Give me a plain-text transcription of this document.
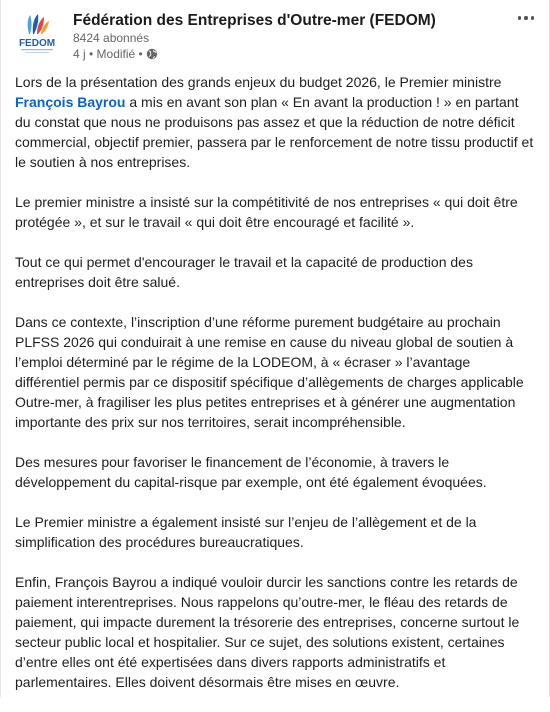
FEDOM
Fédération des Entreprises d'Outre-mer (FEDOM)
8424 abonnés
4 j • Modifié •

Lors de la présentation des grands enjeux du budget 2026, le Premier ministre François Bayrou a mis en avant son plan « En avant la production ! » en partant du constat que nous ne produisons pas assez et que la réduction de notre déficit commercial, objectif premier, passera par le renforcement de notre tissu productif et le soutien à nos entreprises.

Le premier ministre a insisté sur la compétitivité de nos entreprises « qui doit être protégée », et sur le travail « qui doit être encouragé et facilité ».

Tout ce qui permet d'encourager le travail et la capacité de production des entreprises doit être salué.

Dans ce contexte, l’inscription d’une réforme purement budgétaire au prochain PLFSS 2026 qui conduirait à une remise en cause du niveau global de soutien à l’emploi déterminé par le régime de la LODEOM, à « écraser » l’avantage différentiel permis par ce dispositif spécifique d’allègements de charges applicable Outre-mer, à fragiliser les plus petites entreprises et à générer une augmentation importante des prix sur nos territoires, serait incompréhensible.

Des mesures pour favoriser le financement de l’économie, à travers le développement du capital-risque par exemple, ont été également évoquées.

Le Premier ministre a également insisté sur l’enjeu de l’allègement et de la simplification des procédures bureaucratiques.

Enfin, François Bayrou a indiqué vouloir durcir les sanctions contre les retards de paiement interentreprises. Nous rappelons qu’outre-mer, le fléau des retards de paiement, qui impacte durement la trésorerie des entreprises, concerne surtout le secteur public local et hospitalier. Sur ce sujet, des solutions existent, certaines d’entre elles ont été expertisées dans divers rapports administratifs et parlementaires. Elles doivent désormais être mises en œuvre.
